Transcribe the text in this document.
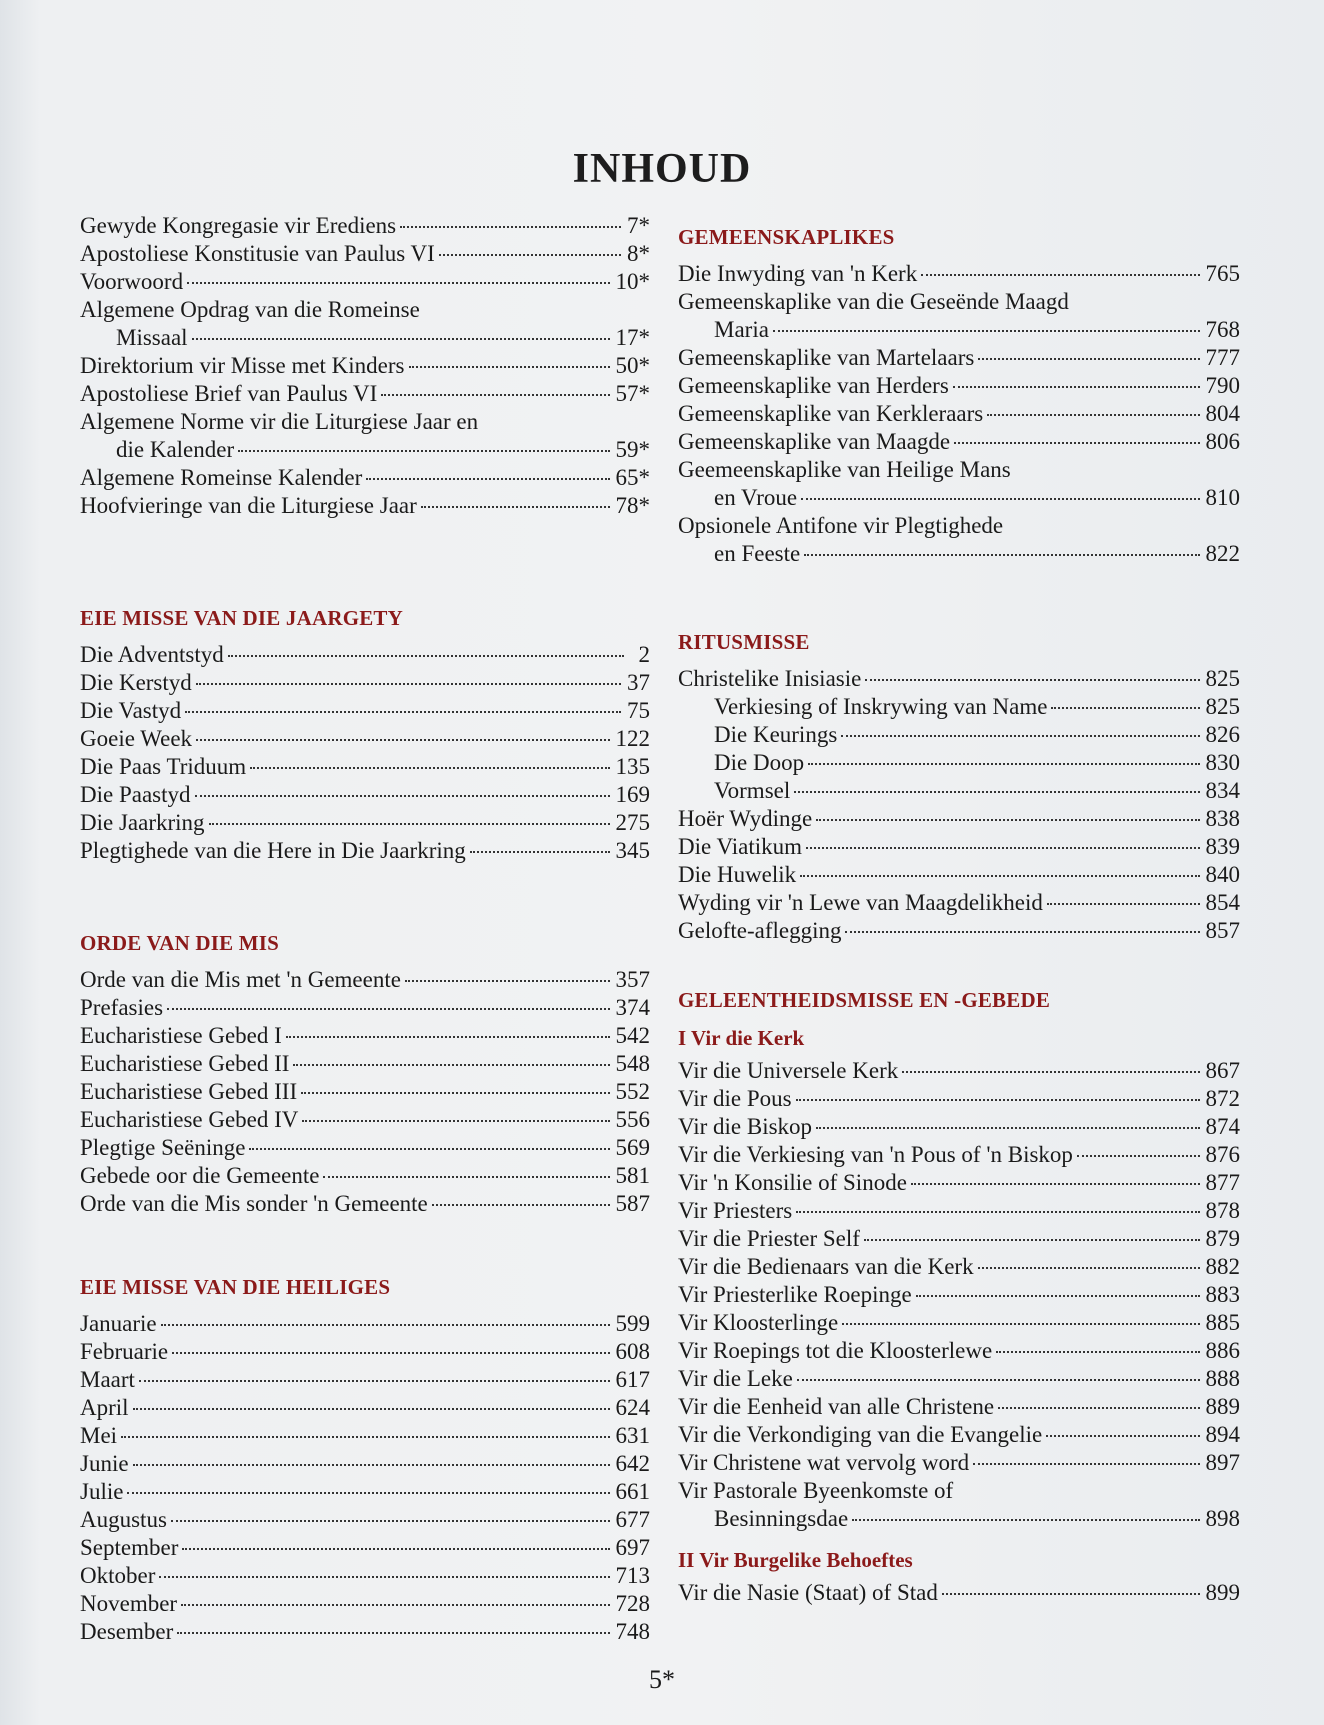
INHOUD
Gewyde Kongregasie vir Erediens	7*
Apostoliese Konstitusie van Paulus VI	8*
Voorwoord	10*
Algemene Opdrag van die Romeinse
Missaal	17*
Direktorium vir Misse met Kinders	50*
Apostoliese Brief van Paulus VI	57*
Algemene Norme vir die Liturgiese Jaar en
die Kalender	59*
Algemene Romeinse Kalender	65*
Hoofvieringe van die Liturgiese Jaar	78*
EIE MISSE VAN DIE JAARGETY
Die Adventstyd	2
Die Kerstyd	37
Die Vastyd	75
Goeie Week	122
Die Paas Triduum	135
Die Paastyd	169
Die Jaarkring	275
Plegtighede van die Here in Die Jaarkring	345
ORDE VAN DIE MIS
Orde van die Mis met 'n Gemeente	357
Prefasies	374
Eucharistiese Gebed I	542
Eucharistiese Gebed II	548
Eucharistiese Gebed III	552
Eucharistiese Gebed IV	556
Plegtige Seëninge	569
Gebede oor die Gemeente	581
Orde van die Mis sonder 'n Gemeente	587
EIE MISSE VAN DIE HEILIGES
Januarie	599
Februarie	608
Maart	617
April	624
Mei	631
Junie	642
Julie	661
Augustus	677
September	697
Oktober	713
November	728
Desember	748
GEMEENSKAPLIKES
Die Inwyding van 'n Kerk	765
Gemeenskaplike van die Geseënde Maagd
Maria	768
Gemeenskaplike van Martelaars	777
Gemeenskaplike van Herders	790
Gemeenskaplike van Kerkleraars	804
Gemeenskaplike van Maagde	806
Geemeenskaplike van Heilige Mans
en Vroue	810
Opsionele Antifone vir Plegtighede
en Feeste	822
RITUSMISSE
Christelike Inisiasie	825
Verkiesing of Inskrywing van Name	825
Die Keurings	826
Die Doop	830
Vormsel	834
Hoër Wydinge	838
Die Viatikum	839
Die Huwelik	840
Wyding vir 'n Lewe van Maagdelikheid	854
Gelofte-aflegging	857
GELEENTHEIDSMISSE EN -GEBEDE
I Vir die Kerk
Vir die Universele Kerk	867
Vir die Pous	872
Vir die Biskop	874
Vir die Verkiesing van 'n Pous of 'n Biskop	876
Vir 'n Konsilie of Sinode	877
Vir Priesters	878
Vir die Priester Self	879
Vir die Bedienaars van die Kerk	882
Vir Priesterlike Roepinge	883
Vir Kloosterlinge	885
Vir Roepings tot die Kloosterlewe	886
Vir die Leke	888
Vir die Eenheid van alle Christene	889
Vir die Verkondiging van die Evangelie	894
Vir Christene wat vervolg word	897
Vir Pastorale Byeenkomste of
Besinningsdae	898
II Vir Burgelike Behoeftes
Vir die Nasie (Staat) of Stad	899
5*
